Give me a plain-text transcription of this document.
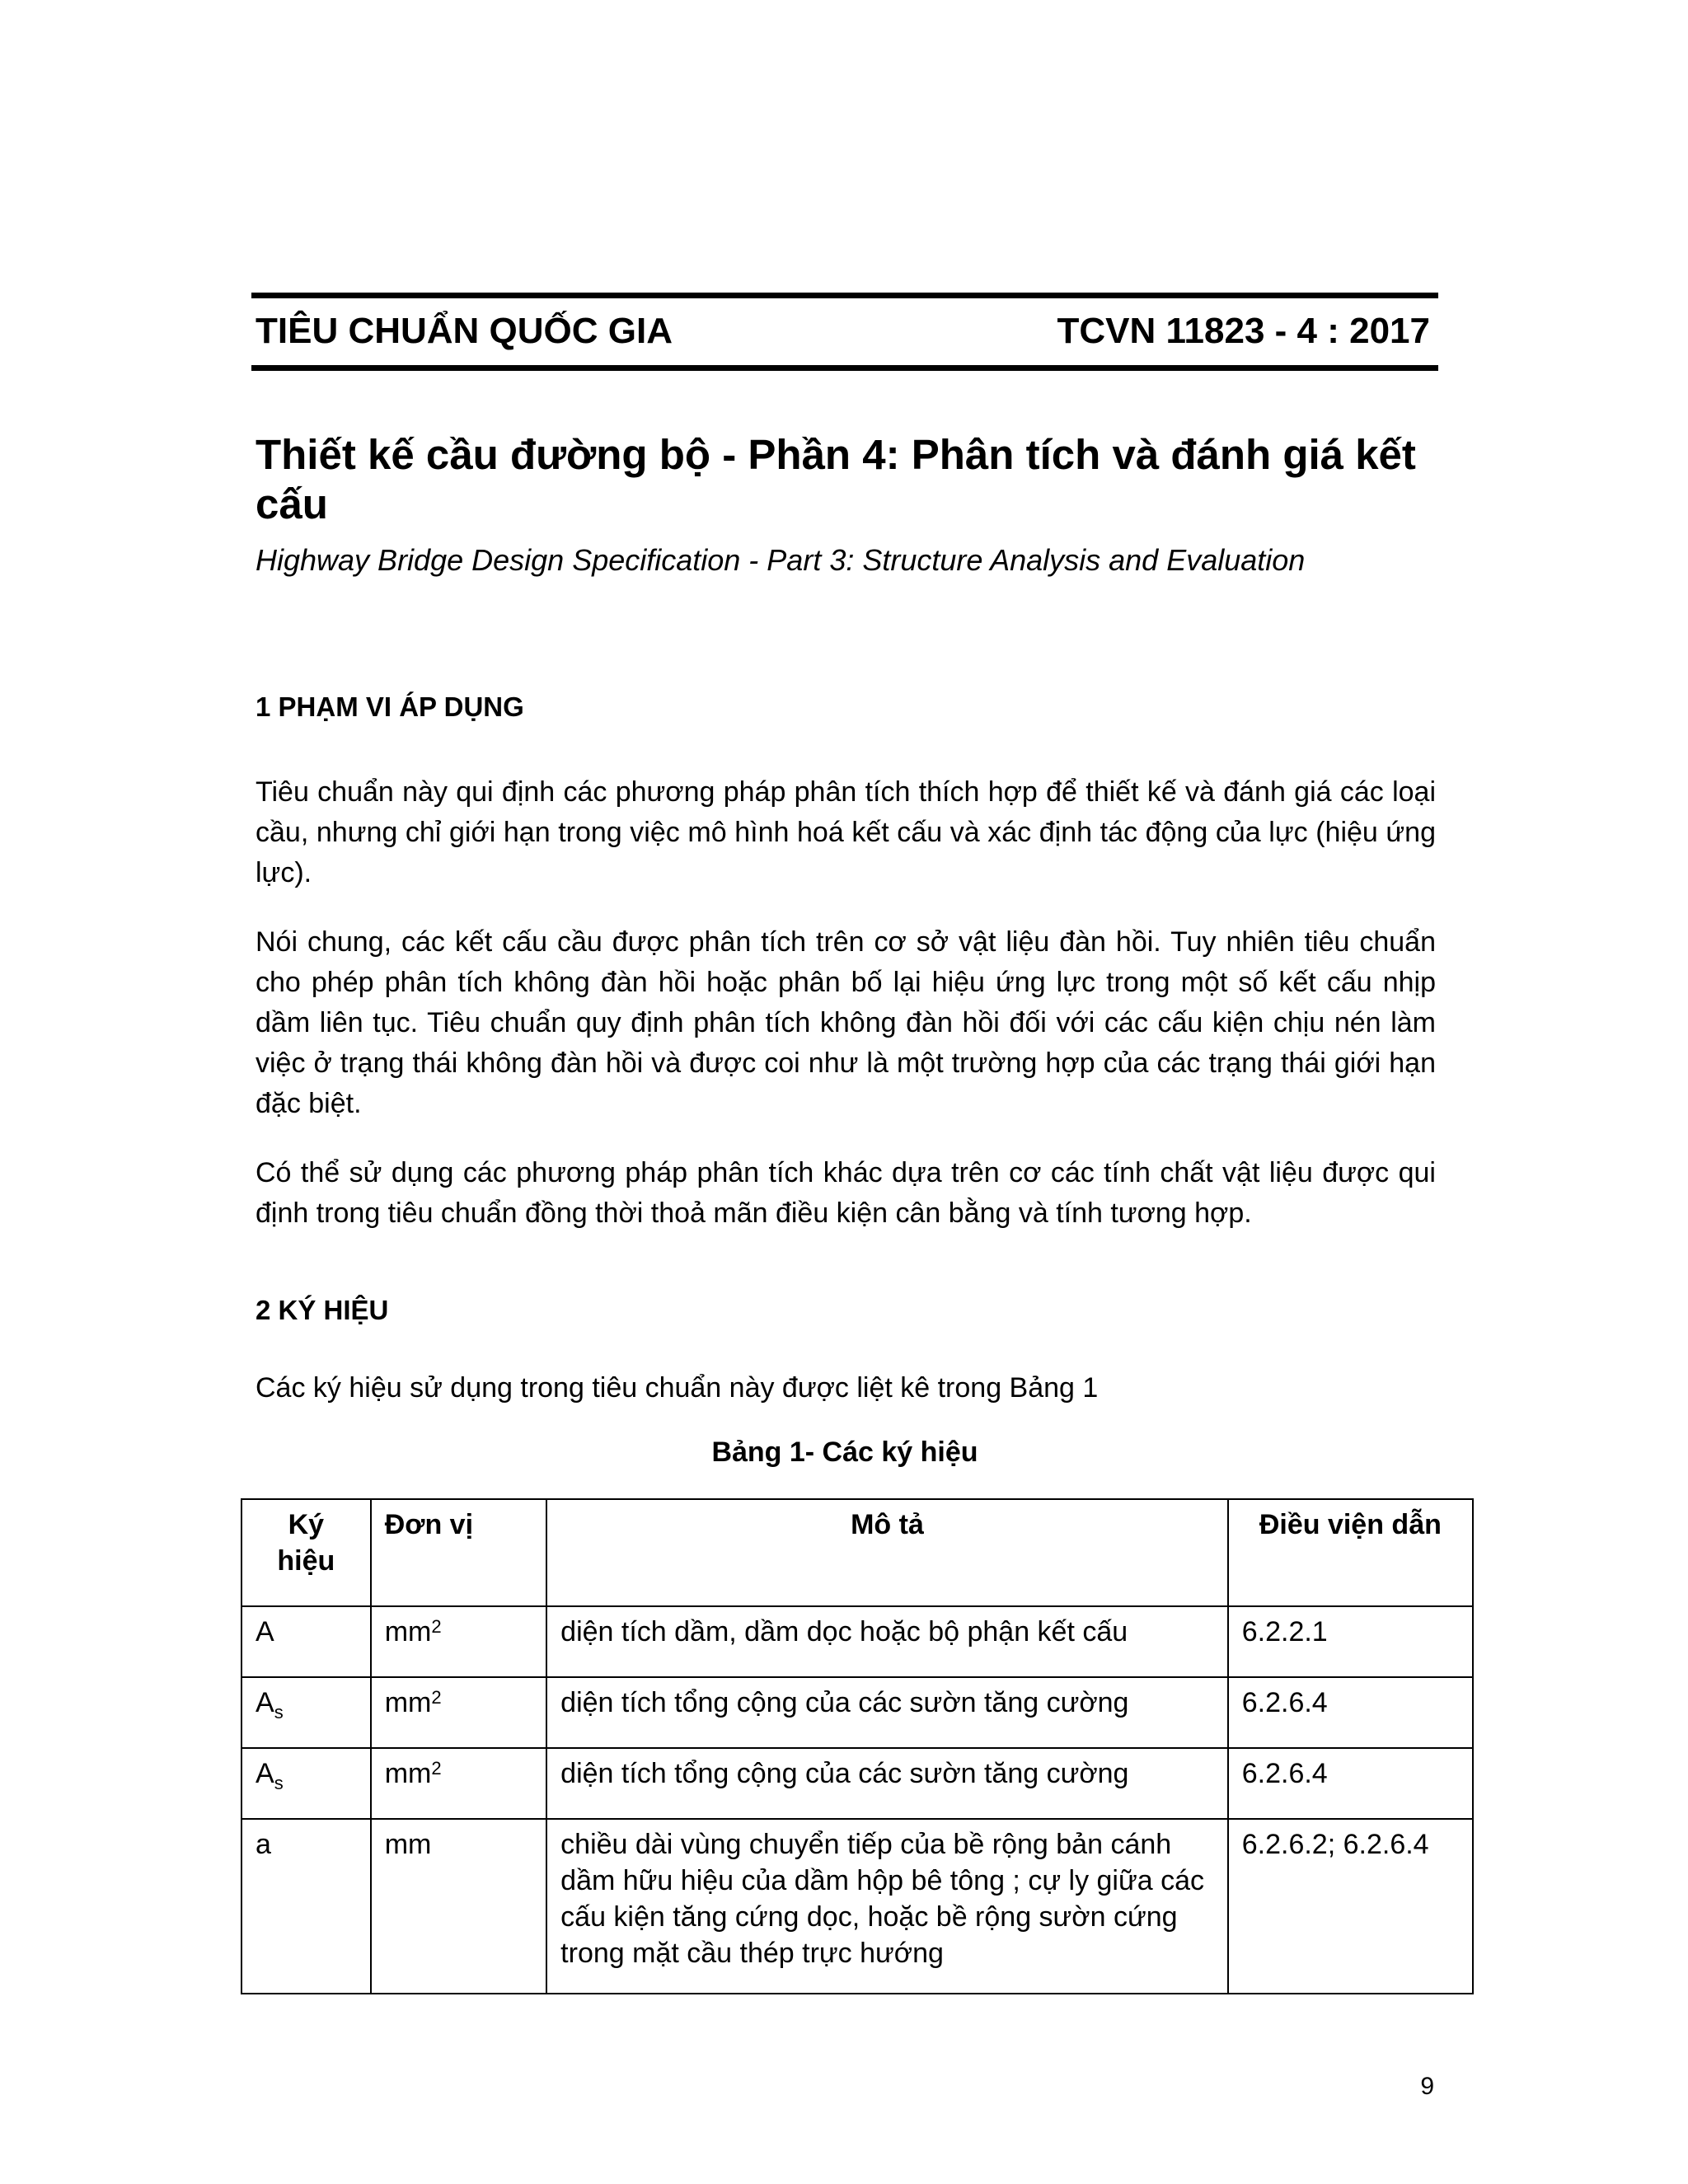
TIÊU CHUẨN QUỐC GIA	TCVN 11823 - 4 : 2017
Thiết kế cầu đường bộ - Phần 4: Phân tích và đánh giá kết cấu
Highway Bridge Design Specification - Part 3: Structure Analysis and Evaluation
1 PHẠM VI ÁP DỤNG
Tiêu chuẩn này qui định các phương pháp phân tích thích hợp để thiết kế và đánh giá các loại cầu, nhưng chỉ giới hạn trong việc mô hình hoá kết cấu và xác định tác động của lực (hiệu ứng lực).
Nói chung, các kết cấu cầu được phân tích trên cơ sở vật liệu đàn hồi. Tuy nhiên tiêu chuẩn cho phép phân tích không đàn hồi hoặc phân bố lại hiệu ứng lực trong một số kết cấu nhịp dầm liên tục. Tiêu chuẩn quy định phân tích không đàn hồi đối với các cấu kiện chịu nén làm việc ở trạng thái không đàn hồi và được coi như là một trường hợp của các trạng thái giới hạn đặc biệt.
Có thể sử dụng các phương pháp phân tích khác dựa trên cơ các tính chất vật liệu được qui định trong tiêu chuẩn đồng thời thoả mãn điều kiện cân bằng và tính tương hợp.
2 KÝ HIỆU
Các ký hiệu sử dụng trong tiêu chuẩn này được liệt kê trong Bảng 1
Bảng 1- Các ký hiệu
Ký hiệu	Đơn vị	Mô tả	Điều viện dẫn
A	$mm^2$	diện tích dầm, dầm dọc hoặc bộ phận kết cấu	6.2.2.1
$A_s$	$mm^2$	diện tích tổng cộng của các sườn tăng cường	6.2.6.4
$A_s$	$mm^2$	diện tích tổng cộng của các sườn tăng cường	6.2.6.4
a	mm	chiều dài vùng chuyển tiếp của bề rộng bản cánh dầm hữu hiệu của dầm hộp bê tông ; cự ly giữa các cấu kiện tăng cứng dọc, hoặc bề rộng sườn cứng trong mặt cầu thép trực hướng	6.2.6.2; 6.2.6.4
9
